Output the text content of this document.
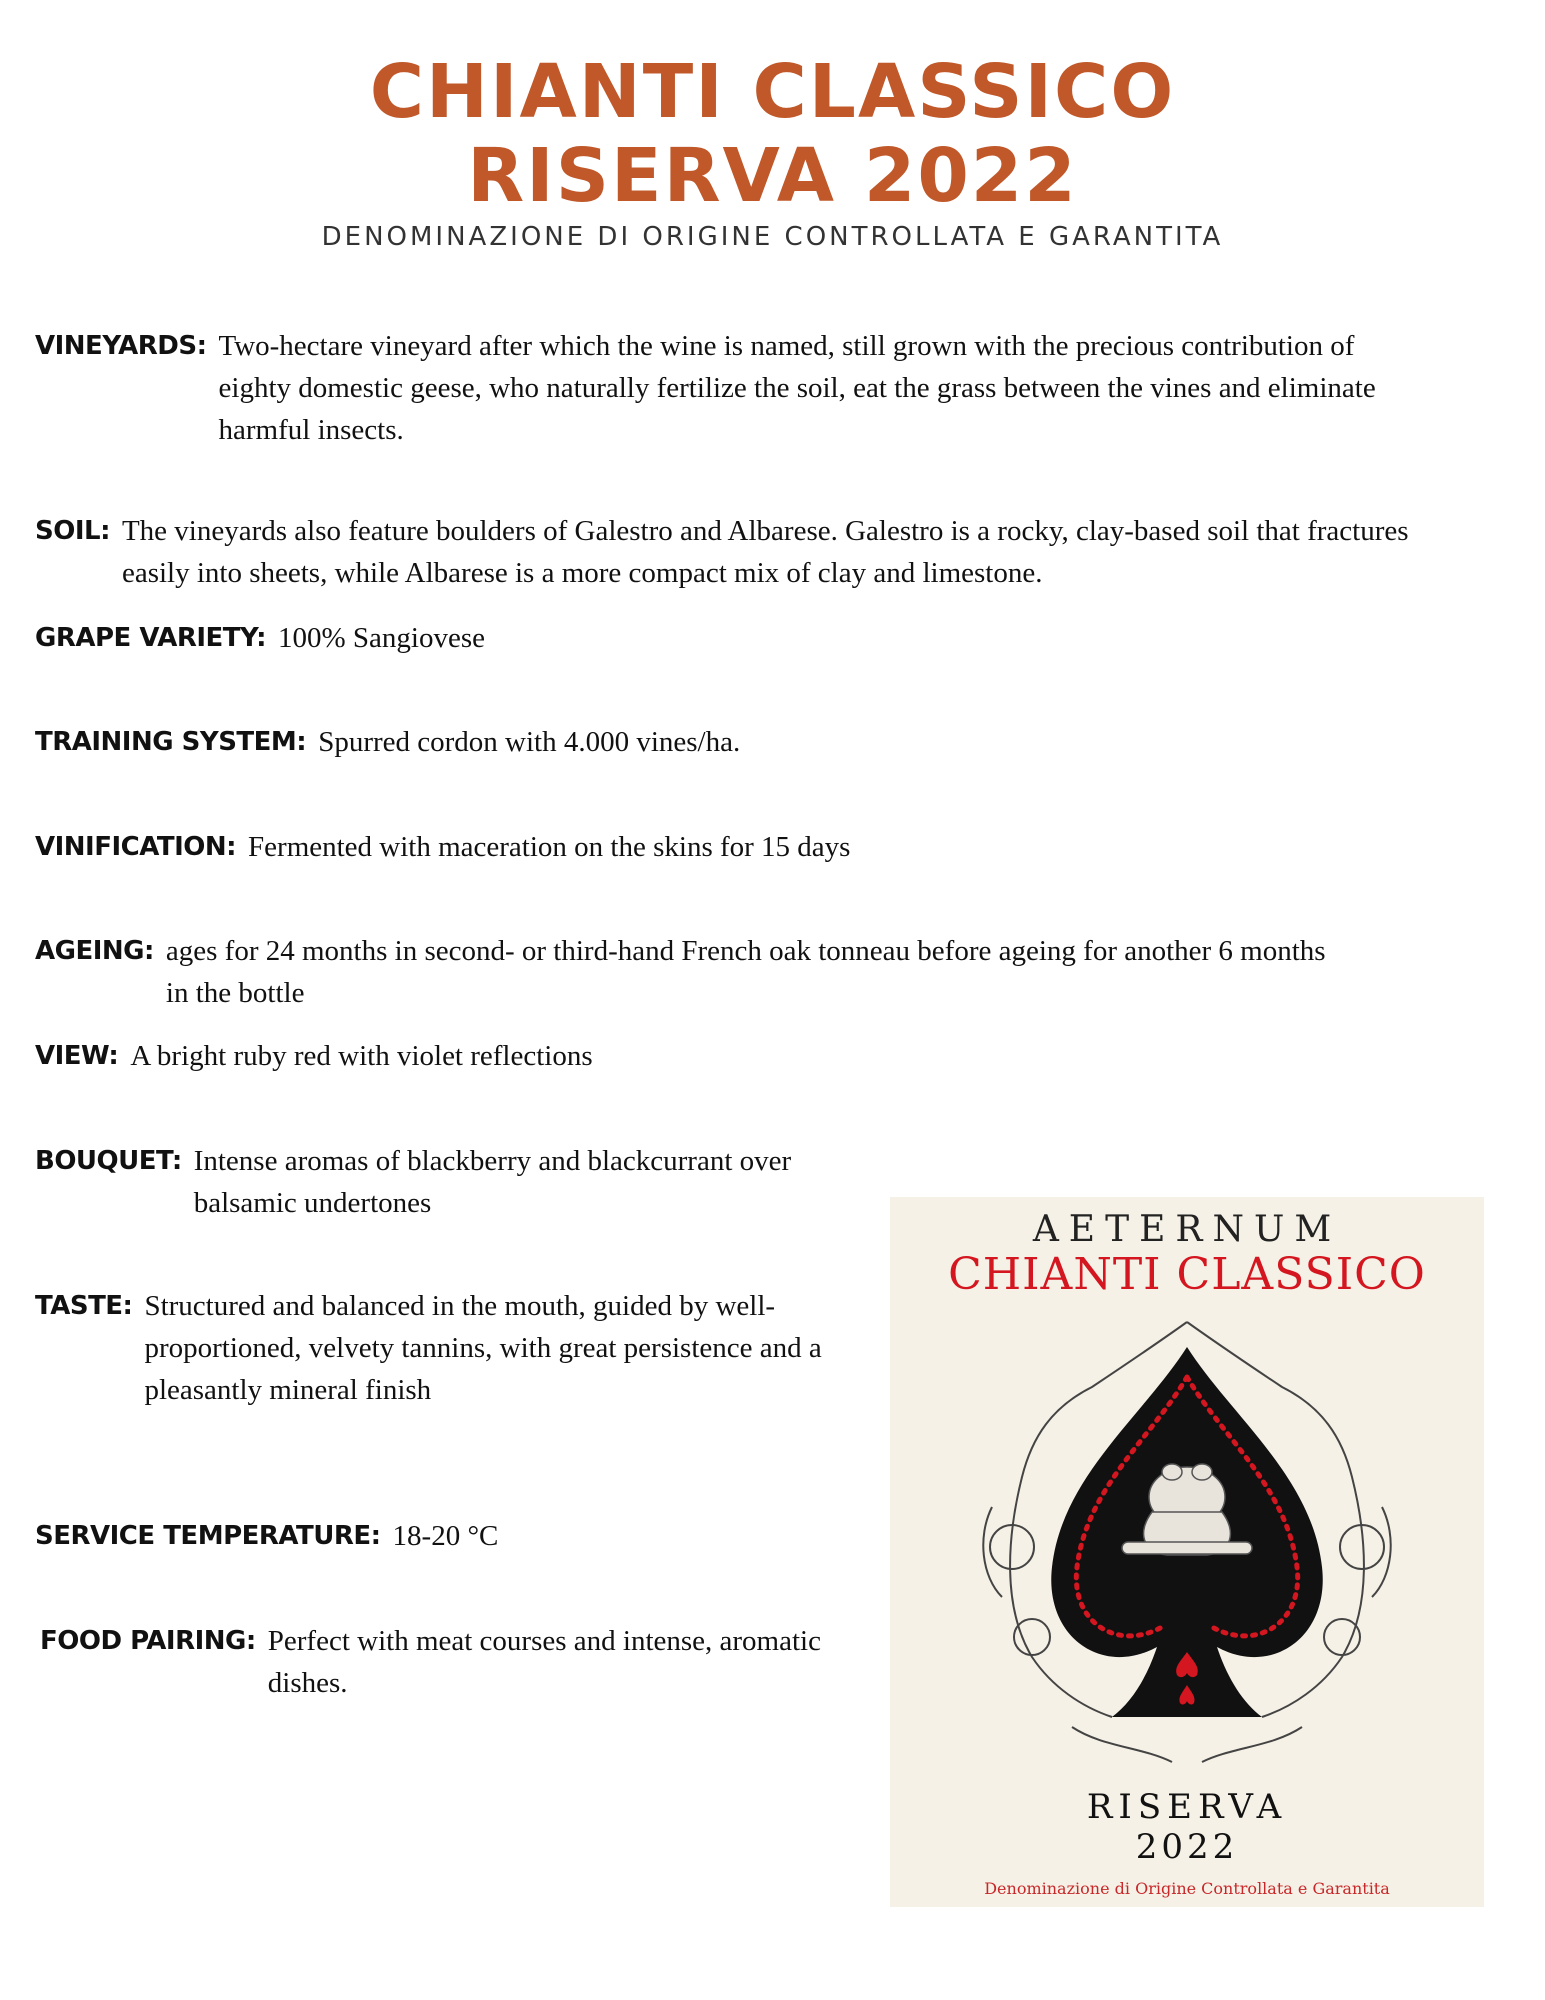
CHIANTI CLASSICO
RISERVA 2022
DENOMINAZIONE DI ORIGINE CONTROLLATA E GARANTITA
VINEYARDS: Two-hectare vineyard after which the wine is named, still grown with the precious contribution of eighty domestic geese, who naturally fertilize the soil, eat the grass between the vines and eliminate harmful insects.
SOIL: The vineyards also feature boulders of Galestro and Albarese. Galestro is a rocky, clay-based soil that fractures easily into sheets, while Albarese is a more compact mix of clay and limestone.
GRAPE VARIETY: 100% Sangiovese
TRAINING SYSTEM: Spurred cordon with 4.000 vines/ha.
VINIFICATION: Fermented with maceration on the skins for 15 days
AGEING: ages for 24 months in second- or third-hand French oak tonneau before ageing for another 6 months in the bottle
VIEW: A bright ruby red with violet reflections
BOUQUET: Intense aromas of blackberry and blackcurrant over balsamic undertones
TASTE: Structured and balanced in the mouth, guided by well-proportioned, velvety tannins, with great persistence and a pleasantly mineral finish
SERVICE TEMPERATURE: 18-20 °C
FOOD PAIRING: Perfect with meat courses and intense, aromatic dishes.
AETERNUM
CHIANTI CLASSICO
RISERVA
2022
Denominazione di Origine Controllata e Garantita
